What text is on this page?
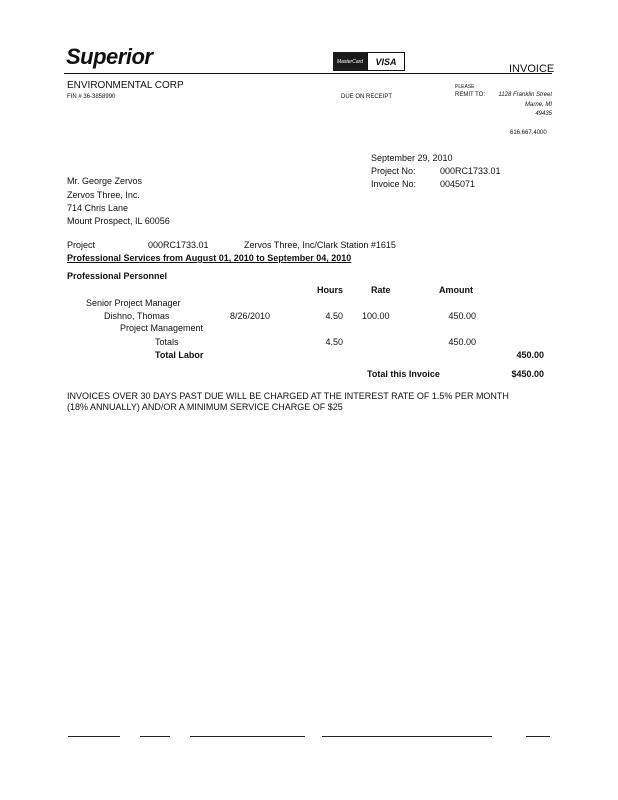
Superior
ENVIRONMENTAL CORP
FIN # 36-3858990
MasterCard	VISA
INVOICE
DUE ON RECEIPT
PLEASE
REMIT TO:	1128 Franklin Street
Marne, MI
49435
616.667.4000
September 29, 2010
Project No:	000RC1733.01
Invoice No:	0045071
Mr. George Zervos
Zervos Three, Inc.
714 Chris Lane
Mount Prospect, IL 60056
Project	000RC1733.01	Zervos Three, Inc/Clark Station #1615
Professional Services from August 01, 2010 to September 04, 2010
Professional Personnel
Hours	Rate	Amount
Senior Project Manager
Dishno, Thomas	8/26/2010	4.50 100.00	450.00
Project Management
Totals	4.50	450.00
Total Labor	450.00
Total this Invoice	$450.00
INVOICES OVER 30 DAYS PAST DUE WILL BE CHARGED AT THE INTEREST RATE OF 1.5% PER MONTH
(18% ANNUALLY) AND/OR A MINIMUM SERVICE CHARGE OF $25
